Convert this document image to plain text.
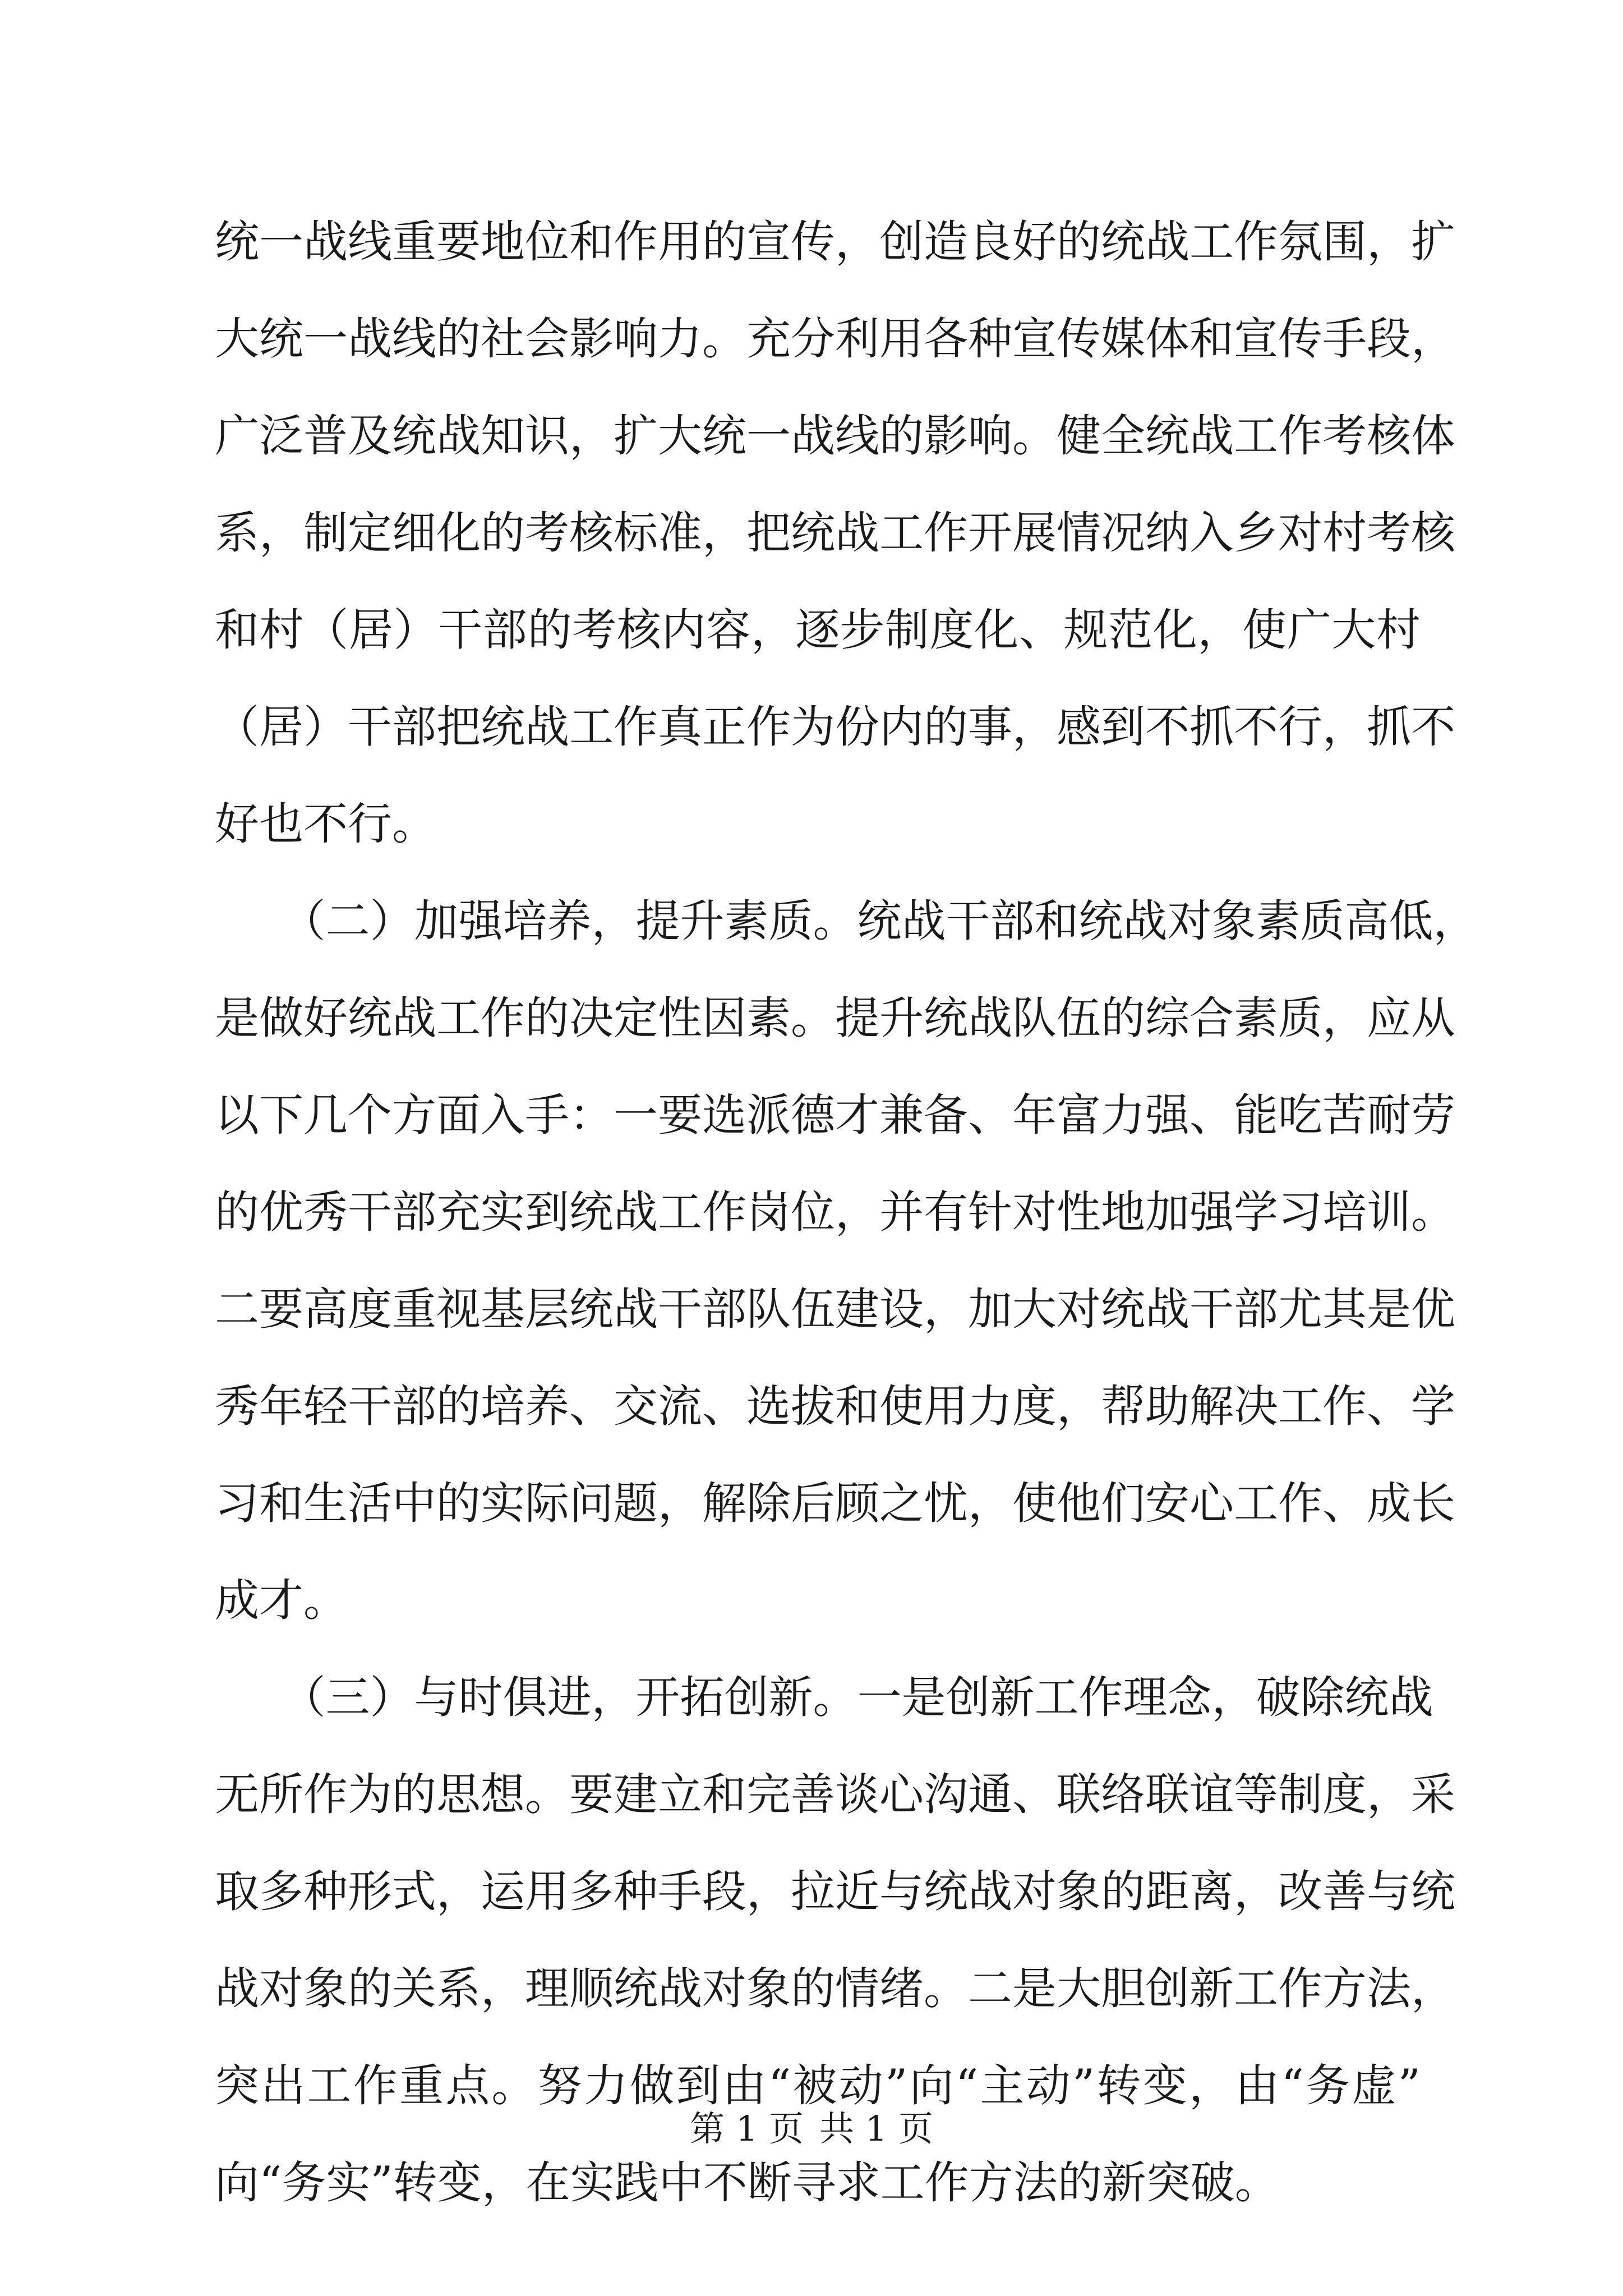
统一战线重要地位和作用的宣传，创造良好的统战工作氛围，扩
大统一战线的社会影响力。充分利用各种宣传媒体和宣传手段，
广泛普及统战知识，扩大统一战线的影响。健全统战工作考核体
系，制定细化的考核标准，把统战工作开展情况纳入乡对村考核
和村（居）干部的考核内容，逐步制度化、规范化，使广大村
（居）干部把统战工作真正作为份内的事，感到不抓不行，抓不
好也不行。
　　（二）加强培养，提升素质。统战干部和统战对象素质高低，
是做好统战工作的决定性因素。提升统战队伍的综合素质，应从
以下几个方面入手：一要选派德才兼备、年富力强、能吃苦耐劳
的优秀干部充实到统战工作岗位，并有针对性地加强学习培训。
二要高度重视基层统战干部队伍建设，加大对统战干部尤其是优
秀年轻干部的培养、交流、选拔和使用力度，帮助解决工作、学
习和生活中的实际问题，解除后顾之忧，使他们安心工作、成长
成才。
　　（三）与时俱进，开拓创新。一是创新工作理念，破除统战
无所作为的思想。要建立和完善谈心沟通、联络联谊等制度，采
取多种形式，运用多种手段，拉近与统战对象的距离，改善与统
战对象的关系，理顺统战对象的情绪。二是大胆创新工作方法，
突出工作重点。努力做到由“被动”向“主动”转变，由“务虚”
向“务实”转变，在实践中不断寻求工作方法的新突破。
第 1 页 共 1 页
